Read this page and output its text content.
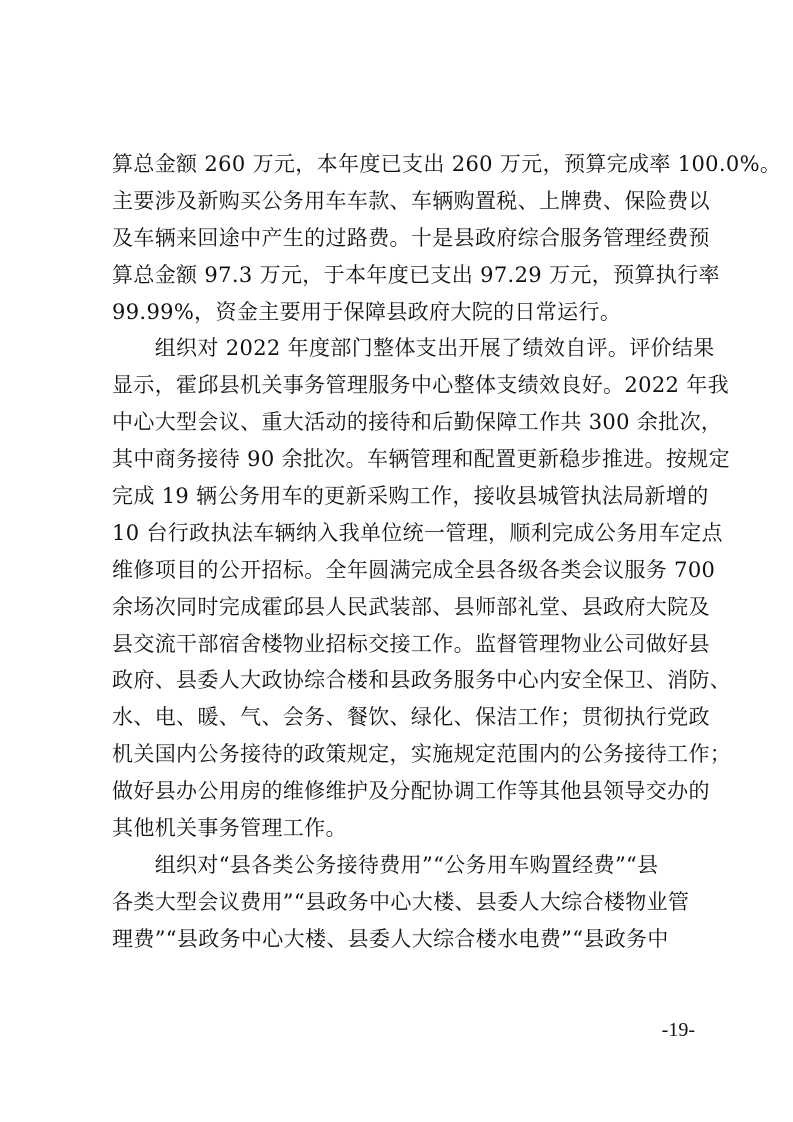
算总金额 260 万元，本年度已支出 260 万元，预算完成率 100.0%。
主要涉及新购买公务用车车款、车辆购置税、上牌费、保险费以
及车辆来回途中产生的过路费。十是县政府综合服务管理经费预
算总金额 97.3 万元，于本年度已支出 97.29 万元，预算执行率
99.99%，资金主要用于保障县政府大院的日常运行。
　　组织对 2022 年度部门整体支出开展了绩效自评。评价结果
显示，霍邱县机关事务管理服务中心整体支绩效良好。2022 年我
中心大型会议、重大活动的接待和后勤保障工作共 300 余批次，
其中商务接待 90 余批次。车辆管理和配置更新稳步推进。按规定
完成 19 辆公务用车的更新采购工作，接收县城管执法局新增的
10 台行政执法车辆纳入我单位统一管理，顺利完成公务用车定点
维修项目的公开招标。全年圆满完成全县各级各类会议服务 700
余场次同时完成霍邱县人民武装部、县师部礼堂、县政府大院及
县交流干部宿舍楼物业招标交接工作。监督管理物业公司做好县
政府、县委人大政协综合楼和县政务服务中心内安全保卫、消防、
水、电、暖、气、会务、餐饮、绿化、保洁工作；贯彻执行党政
机关国内公务接待的政策规定，实施规定范围内的公务接待工作；
做好县办公用房的维修维护及分配协调工作等其他县领导交办的
其他机关事务管理工作。
　　组织对“县各类公务接待费用”“公务用车购置经费”“县
各类大型会议费用”“县政务中心大楼、县委人大综合楼物业管
理费”“县政务中心大楼、县委人大综合楼水电费”“县政务中
-19-
